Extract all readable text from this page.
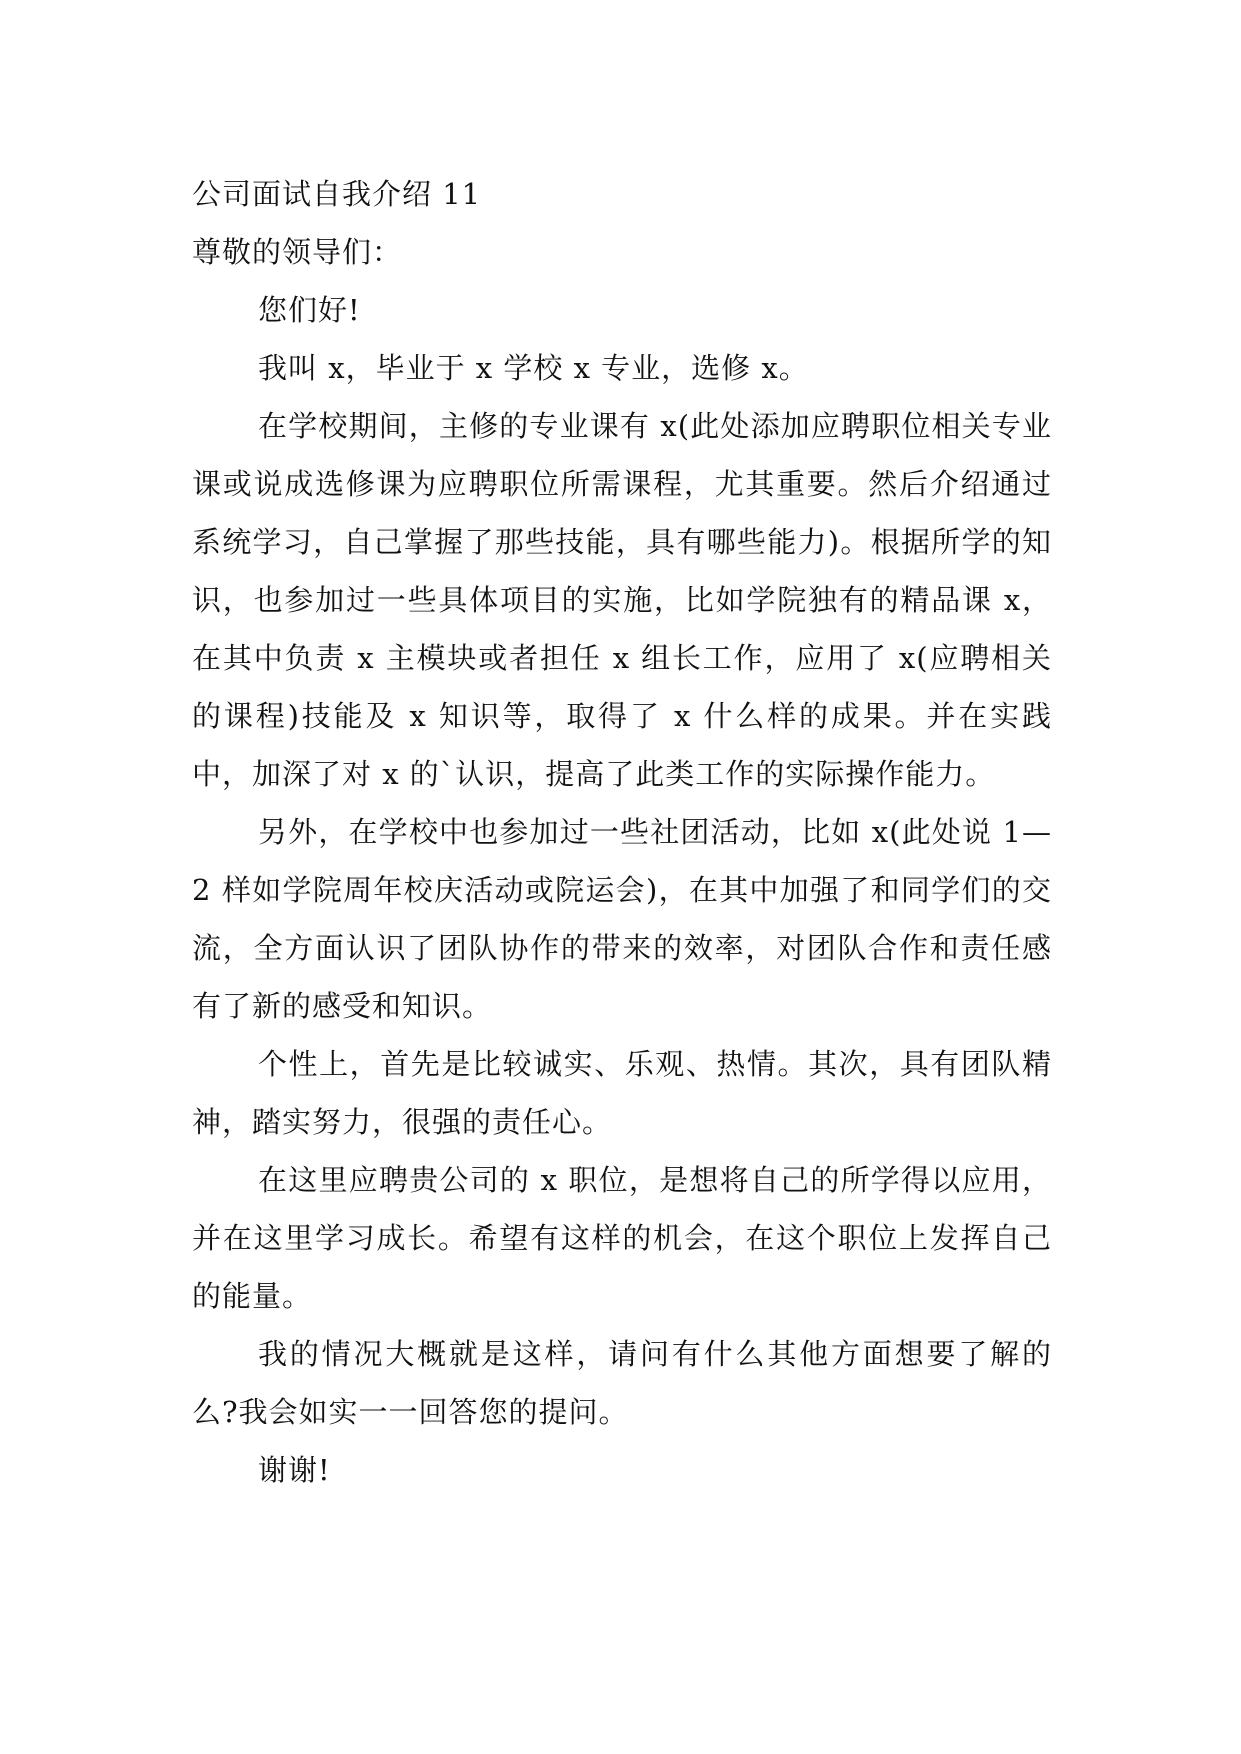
公司面试自我介绍 11

尊敬的领导们：

您们好!

我叫 x，毕业于 x 学校 x 专业，选修 x。

在学校期间，主修的专业课有 x(此处添加应聘职位相关专业课或说成选修课为应聘职位所需课程，尤其重要。然后介绍通过系统学习，自己掌握了那些技能，具有哪些能力)。根据所学的知识，也参加过一些具体项目的实施，比如学院独有的精品课 x，在其中负责 x 主模块或者担任 x 组长工作，应用了 x(应聘相关的课程)技能及 x 知识等，取得了 x 什么样的成果。并在实践中，加深了对 x 的`认识，提高了此类工作的实际操作能力。

另外，在学校中也参加过一些社团活动，比如 x(此处说 1—2 样如学院周年校庆活动或院运会)，在其中加强了和同学们的交流，全方面认识了团队协作的带来的效率，对团队合作和责任感有了新的感受和知识。

个性上，首先是比较诚实、乐观、热情。其次，具有团队精神，踏实努力，很强的责任心。

在这里应聘贵公司的 x 职位，是想将自己的所学得以应用，并在这里学习成长。希望有这样的机会，在这个职位上发挥自己的能量。

我的情况大概就是这样，请问有什么其他方面想要了解的么?我会如实一一回答您的提问。

谢谢!
